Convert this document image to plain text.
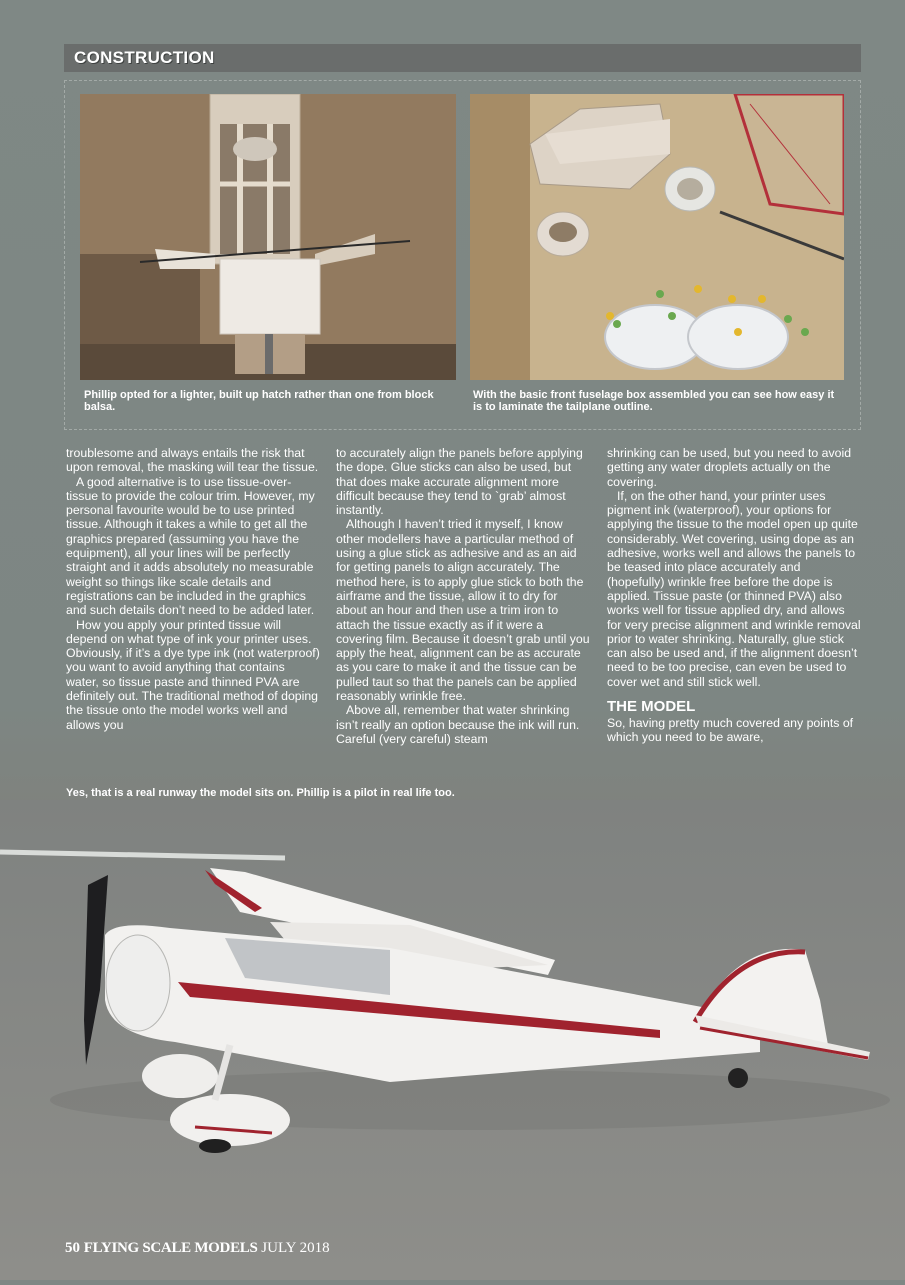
CONSTRUCTION
Phillip opted for a lighter, built up hatch rather than one from block balsa.
With the basic front fuselage box assembled you can see how easy it is to laminate the tailplane outline.

troublesome and always entails the risk that upon removal, the masking will tear the tissue.

A good alternative is to use tissue-over-tissue to provide the colour trim. However, my personal favourite would be to use printed tissue. Although it takes a while to get all the graphics prepared (assuming you have the equipment), all your lines will be perfectly straight and it adds absolutely no measurable weight so things like scale details and registrations can be included in the graphics and such details don’t need to be added later.

How you apply your printed tissue will depend on what type of ink your printer uses. Obviously, if it’s a dye type ink (not waterproof) you want to avoid anything that contains water, so tissue paste and thinned PVA are definitely out. The traditional method of doping the tissue onto the model works well and allows you

to accurately align the panels before applying the dope. Glue sticks can also be used, but that does make accurate alignment more difficult because they tend to `grab’ almost instantly.

Although I haven’t tried it myself, I know other modellers have a particular method of using a glue stick as adhesive and as an aid for getting panels to align accurately. The method here, is to apply glue stick to both the airframe and the tissue, allow it to dry for about an hour and then use a trim iron to attach the tissue exactly as if it were a covering film. Because it doesn’t grab until you apply the heat, alignment can be as accurate as you care to make it and the tissue can be pulled taut so that the panels can be applied reasonably wrinkle free.

Above all, remember that water shrinking isn’t really an option because the ink will run. Careful (very careful) steam

shrinking can be used, but you need to avoid getting any water droplets actually on the covering.

If, on the other hand, your printer uses pigment ink (waterproof), your options for applying the tissue to the model open up quite considerably. Wet covering, using dope as an adhesive, works well and allows the panels to be teased into place accurately and (hopefully) wrinkle free before the dope is applied. Tissue paste (or thinned PVA) also works well for tissue applied dry, and allows for very precise alignment and wrinkle removal prior to water shrinking. Naturally, glue stick can also be used and, if the alignment doesn’t need to be too precise, can even be used to cover wet and still stick well.

THE MODEL

So, having pretty much covered any points of which you need to be aware,

Yes, that is a real runway the model sits on. Phillip is a pilot in real life too.
50 FLYING SCALE MODELS JULY 2018
